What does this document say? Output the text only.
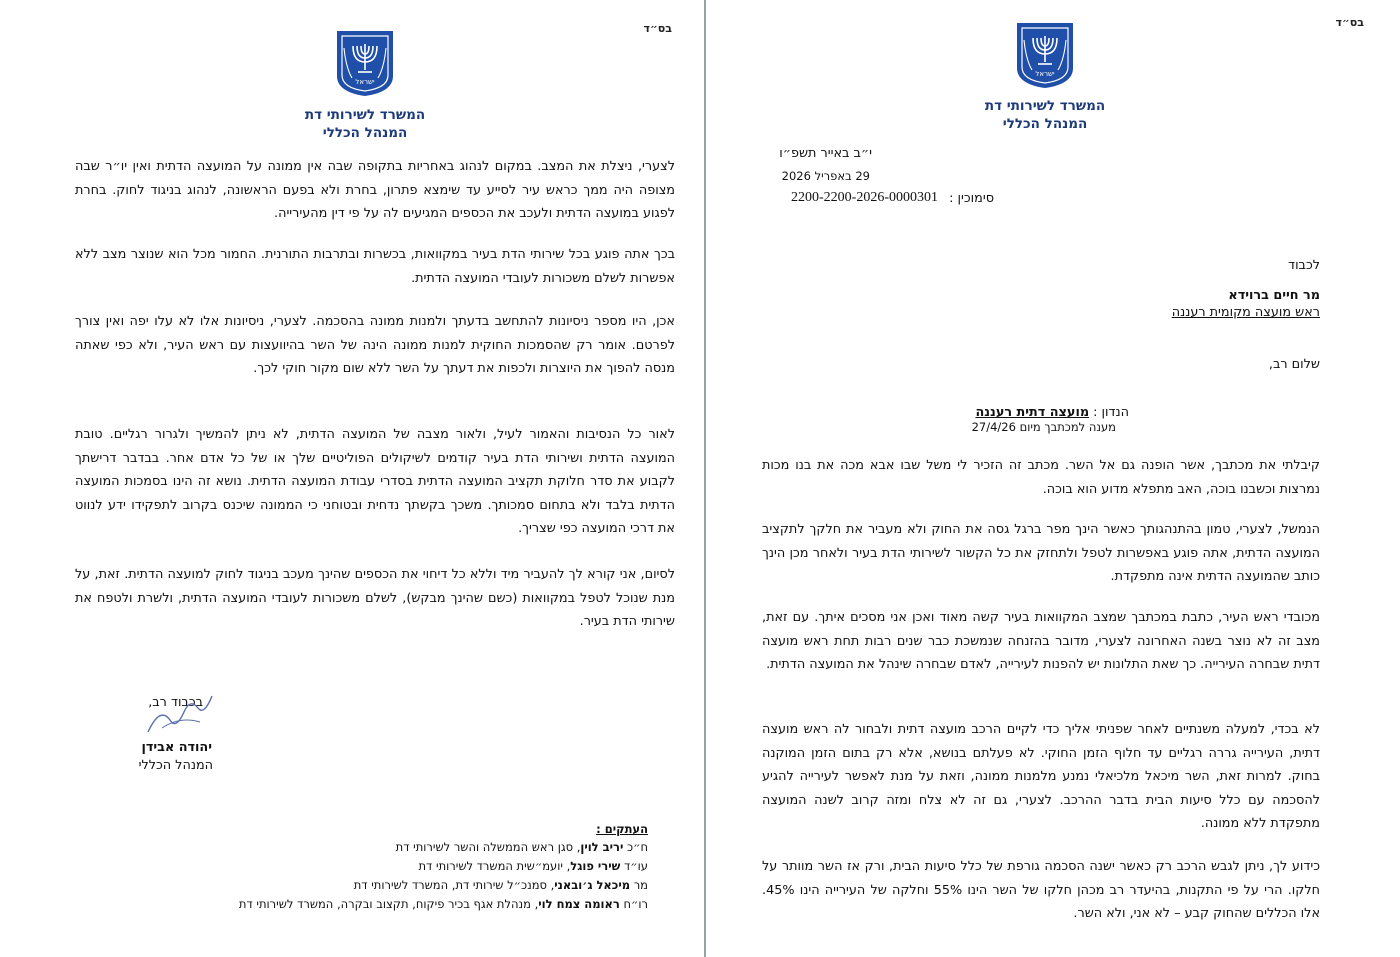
בס״ד
ישראל
המשרד לשירותי דת
המנהל הכללי
לצערי, ניצלת את המצב. במקום לנהוג באחריות בתקופה שבה אין ממונה על המועצה הדתית ואין יו״ר שבה מצופה היה ממך כראש עיר לסייע עד שימצא פתרון, בחרת ולא בפעם הראשונה, לנהוג בניגוד לחוק. בחרת לפגוע במועצה הדתית ולעכב את הכספים המגיעים לה על פי דין מהעירייה.
בכך אתה פוגע בכל שירותי הדת בעיר במקוואות, בכשרות ובתרבות התורנית. החמור מכל הוא שנוצר מצב ללא אפשרות לשלם משכורות לעובדי המועצה הדתית.
אכן, היו מספר ניסיונות להתחשב בדעתך ולמנות ממונה בהסכמה. לצערי, ניסיונות אלו לא עלו יפה ואין צורך לפרטם. אומר רק שהסמכות החוקית למנות ממונה הינה של השר בהיוועצות עם ראש העיר, ולא כפי שאתה מנסה להפוך את היוצרות ולכפות את דעתך על השר ללא שום מקור חוקי לכך.
לאור כל הנסיבות והאמור לעיל, ולאור מצבה של המועצה הדתית, לא ניתן להמשיך ולגרור רגליים. טובת המועצה הדתית ושירותי הדת בעיר קודמים לשיקולים הפוליטיים שלך או של כל אדם אחר. בבדבר דרישתך לקבוע את סדר חלוקת תקציב המועצה הדתית בסדרי עבודת המועצה הדתית. נושא זה הינו בסמכות המועצה הדתית בלבד ולא בתחום סמכותך. משכך בקשתך נדחית ובטוחני כי הממונה שיכנס בקרוב לתפקידו ידע לנווט את דרכי המועצה כפי שצריך.
לסיום, אני קורא לך להעביר מיד וללא כל דיחוי את הכספים שהינך מעכב בניגוד לחוק למועצה הדתית. זאת, על מנת שנוכל לטפל במקוואות (כשם שהינך מבקש), לשלם משכורות לעובדי המועצה הדתית, ולשרת ולטפח את שירותי הדת בעיר.
בכבוד רב,
יהודה אבידן
המנהל הכללי
העתקים :
ח״כ יריב לוין, סגן ראש הממשלה והשר לשירותי דת
עו״ד שירי פוגל, יועמ״שית המשרד לשירותי דת
מר מיכאל ג׳ובאני, סמנכ״ל שירותי דת, המשרד לשירותי דת
רו״ח ראומה צמח לוי, מנהלת אגף בכיר פיקוח, תקצוב ובקרה, המשרד לשירותי דת
בס״ד
ישראל
המשרד לשירותי דת
המנהל הכללי
י״ב באייר תשפ״ו
29 באפריל 2026
סימוכין :
2200-2200-2026-0000301
לכבוד
מר חיים ברוידא
ראש מועצה מקומית רעננה
שלום רב,
הנדון : מועצה דתית רעננה
מענה למכתבך מיום 27/4/26
קיבלתי את מכתבך, אשר הופנה גם אל השר. מכתב זה הזכיר לי משל שבו אבא מכה את בנו מכות נמרצות וכשבנו בוכה, האב מתפלא מדוע הוא בוכה.
הנמשל, לצערי, טמון בהתנהגותך כאשר הינך מפר ברגל גסה את החוק ולא מעביר את חלקך לתקציב המועצה הדתית, אתה פוגע באפשרות לטפל ולתחזק את כל הקשור לשירותי הדת בעיר ולאחר מכן הינך כותב שהמועצה הדתית אינה מתפקדת.
מכובדי ראש העיר, כתבת במכתבך שמצב המקוואות בעיר קשה מאוד ואכן אני מסכים איתך. עם זאת, מצב זה לא נוצר בשנה האחרונה לצערי, מדובר בהזנחה שנמשכת כבר שנים רבות תחת ראש מועצה דתית שבחרה העירייה. כך שאת התלונות יש להפנות לעירייה, לאדם שבחרה שינהל את המועצה הדתית.
לא בכדי, למעלה משנתיים לאחר שפניתי אליך כדי לקיים הרכב מועצה דתית ולבחור לה ראש מועצה דתית, העירייה גררה רגליים עד חלוף הזמן החוקי. לא פעלתם בנושא, אלא רק בתום הזמן המוקנה בחוק. למרות זאת, השר מיכאל מלכיאלי נמנע מלמנות ממונה, וזאת על מנת לאפשר לעירייה להגיע להסכמה עם כלל סיעות הבית בדבר ההרכב. לצערי, גם זה לא צלח ומזה קרוב לשנה המועצה מתפקדת ללא ממונה.
כידוע לך, ניתן לגבש הרכב רק כאשר ישנה הסכמה גורפת של כלל סיעות הבית, ורק אז השר מוותר על חלקו. הרי על פי התקנות, בהיעדר רב מכהן חלקו של השר הינו 55% וחלקה של העירייה הינו 45%. אלו הכללים שהחוק קבע – לא אני, ולא השר.
